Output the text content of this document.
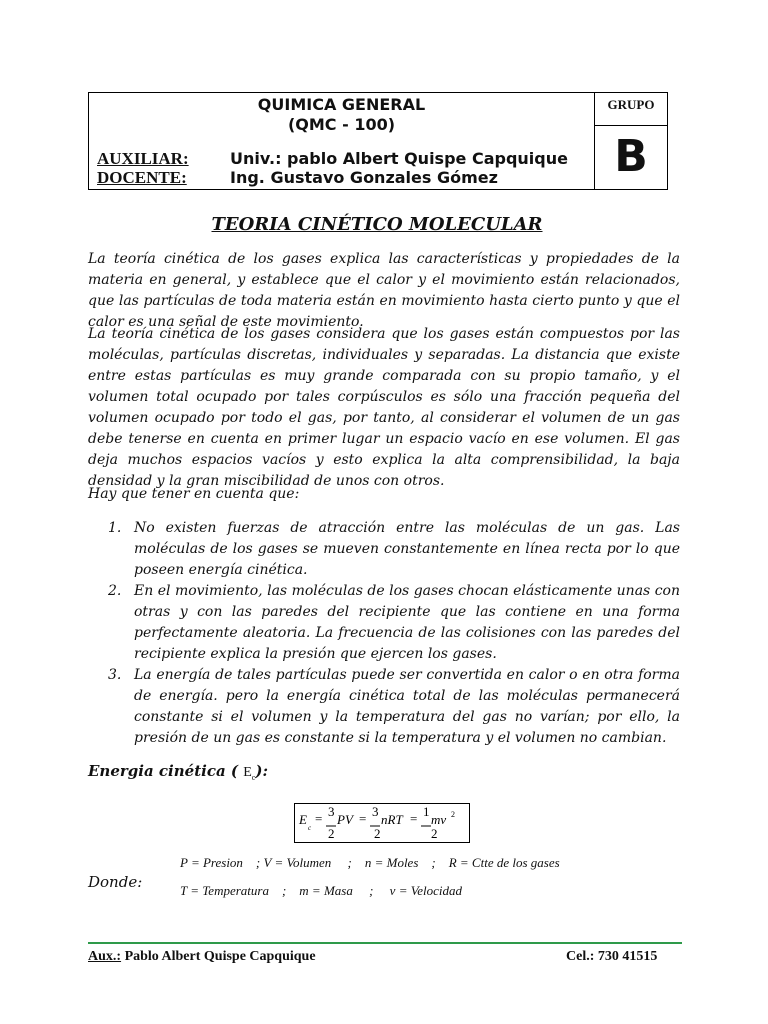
QUIMICA GENERAL
(QMC - 100)
AUXILIAR:	Univ.: pablo Albert Quispe Capquique
DOCENTE:	Ing. Gustavo Gonzales Gómez
GRUPO
B
TEORIA CINÉTICO MOLECULAR

La teoría cinética de los gases explica las características y propiedades de la materia en general, y establece que el calor y el movimiento están relacionados, que las partículas de toda materia están en movimiento hasta cierto punto y que el calor es una señal de este movimiento.

La teoría cinética de los gases considera que los gases están compuestos por las moléculas, partículas discretas, individuales y separadas. La distancia que existe entre estas partículas es muy grande comparada con su propio tamaño, y el volumen total ocupado por tales corpúsculos es sólo una fracción pequeña del volumen ocupado por todo el gas, por tanto, al considerar el volumen de un gas debe tenerse en cuenta en primer lugar un espacio vacío en ese volumen. El gas deja muchos espacios vacíos y esto explica la alta comprensibilidad, la baja densidad y la gran miscibilidad de unos con otros.

Hay que tener en cuenta que:

1. No existen fuerzas de atracción entre las moléculas de un gas. Las moléculas de los gases se mueven constantemente en línea recta por lo que poseen energía cinética.
2. En el movimiento, las moléculas de los gases chocan elásticamente unas con otras y con las paredes del recipiente que las contiene en una forma perfectamente aleatoria. La frecuencia de las colisiones con las paredes del recipiente explica la presión que ejercen los gases.
3. La energía de tales partículas puede ser convertida en calor o en otra forma de energía. pero la energía cinética total de las moléculas permanecerá constante si el volumen y la temperatura del gas no varían; por ello, la presión de un gas es constante si la temperatura y el volumen no cambian.
Energia cinética ( $E_c$):
E
c
= 3
2
PV = 3
2
nRT = 1
2
mv 2
Donde:
P = Presion    ; V = Volumen     ;    n = Moles    ;    R = Ctte de los gases
T = Temperatura    ;    m = Masa     ;     v = Velocidad
Aux.: Pablo Albert Quispe Capquique	Cel.: 730 41515
